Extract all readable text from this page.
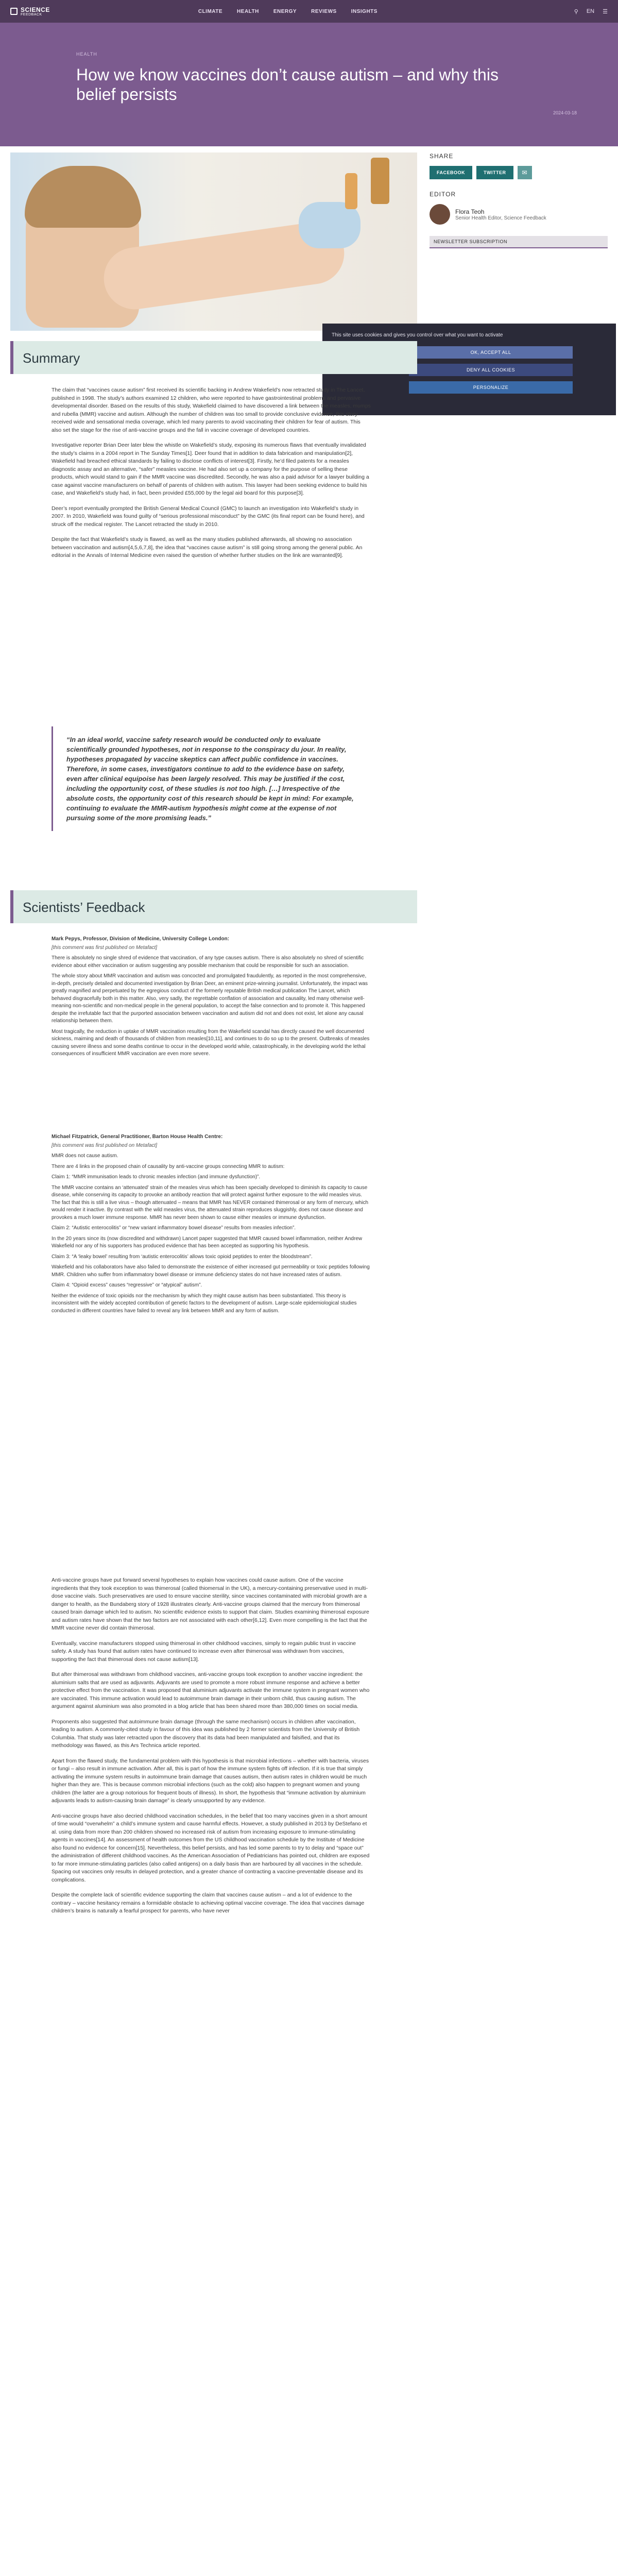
SCIENCE
FEEDBACK
CLIMATE	HEALTH	ENERGY	REVIEWS	INSIGHTS	⚲ EN ☰
HEALTH
How we know vaccines don’t cause autism – and why this belief persists
2024-03-18
SHARE
FACEBOOK	TWITTER	✉
EDITOR
Flora Teoh
Senior Health Editor, Science Feedback
NEWSLETTER SUBSCRIPTION

This site uses cookies and gives you control over what you want to activate

OK, ACCEPT ALL
DENY ALL COOKIES
PERSONALIZE
Summary

The claim that “vaccines cause autism” first received its scientific backing in Andrew Wakefield’s now retracted study in The Lancet, published in 1998. The study’s authors examined 12 children, who were reported to have gastrointestinal problems and pervasive developmental disorder. Based on the results of this study, Wakefield claimed to have discovered a link between the measles, mumps and rubella (MMR) vaccine and autism. Although the number of children was too small to provide conclusive evidence, this story received wide and sensational media coverage, which led many parents to avoid vaccinating their children for fear of autism. This also set the stage for the rise of anti-vaccine groups and the fall in vaccine coverage of developed countries.

Investigative reporter Brian Deer later blew the whistle on Wakefield’s study, exposing its numerous flaws that eventually invalidated the study’s claims in a 2004 report in The Sunday Times[1]. Deer found that in addition to data fabrication and manipulation[2], Wakefield had breached ethical standards by failing to disclose conflicts of interest[3]. Firstly, he’d filed patents for a measles diagnostic assay and an alternative, “safer” measles vaccine. He had also set up a company for the purpose of selling these products, which would stand to gain if the MMR vaccine was discredited. Secondly, he was also a paid advisor for a lawyer building a case against vaccine manufacturers on behalf of parents of children with autism. This lawyer had been seeking evidence to build his case, and Wakefield’s study had, in fact, been provided £55,000 by the legal aid board for this purpose[3].

Deer’s report eventually prompted the British General Medical Council (GMC) to launch an investigation into Wakefield’s study in 2007. In 2010, Wakefield was found guilty of “serious professional misconduct” by the GMC (its final report can be found here), and struck off the medical register. The Lancet retracted the study in 2010.

Despite the fact that Wakefield’s study is flawed, as well as the many studies published afterwards, all showing no association between vaccination and autism[4,5,6,7,8], the idea that “vaccines cause autism” is still going strong among the general public. An editorial in the Annals of Internal Medicine even raised the question of whether further studies on the link are warranted[9].

“In an ideal world, vaccine safety research would be conducted only to evaluate scientifically grounded hypotheses, not in response to the conspiracy du jour. In reality, hypotheses propagated by vaccine skeptics can affect public confidence in vaccines. Therefore, in some cases, investigators continue to add to the evidence base on safety, even after clinical equipoise has been largely resolved. This may be justified if the cost, including the opportunity cost, of these studies is not too high. […] Irrespective of the absolute costs, the opportunity cost of this research should be kept in mind: For example, continuing to evaluate the MMR-autism hypothesis might come at the expense of not pursuing some of the more promising leads.”
Scientists’ Feedback
Mark Pepys, Professor, Division of Medicine, University College London:
[this comment was first published on Metafact]

There is absolutely no single shred of evidence that vaccination, of any type causes autism. There is also absolutely no shred of scientific evidence about either vaccination or autism suggesting any possible mechanism that could be responsible for such an association.

The whole story about MMR vaccination and autism was concocted and promulgated fraudulently, as reported in the most comprehensive, in-depth, precisely detailed and documented investigation by Brian Deer, an eminent prize-winning journalist. Unfortunately, the impact was greatly magnified and perpetuated by the egregious conduct of the formerly reputable British medical publication The Lancet, which behaved disgracefully both in this matter. Also, very sadly, the regrettable conflation of association and causality, led many otherwise well-meaning non-scientific and non-medical people in the general population, to accept the false connection and to promote it. This happened despite the irrefutable fact that the purported association between vaccination and autism did not and does not exist, let alone any causal relationship between them.

Most tragically, the reduction in uptake of MMR vaccination resulting from the Wakefield scandal has directly caused the well documented sickness, maiming and death of thousands of children from measles[10,11], and continues to do so up to the present. Outbreaks of measles causing severe illness and some deaths continue to occur in the developed world while, catastrophically, in the developing world the lethal consequences of insufficient MMR vaccination are even more severe.

Michael Fitzpatrick, General Practitioner, Barton House Health Centre:
[this comment was first published on Metafact]

MMR does not cause autism.

There are 4 links in the proposed chain of causality by anti-vaccine groups connecting MMR to autism:

Claim 1: “MMR immunisation leads to chronic measles infection (and immune dysfunction)”.

The MMR vaccine contains an ‘attenuated’ strain of the measles virus which has been specially developed to diminish its capacity to cause disease, while conserving its capacity to provoke an antibody reaction that will protect against further exposure to the wild measles virus. The fact that this is still a live virus – though attenuated – means that MMR has NEVER contained thimerosal or any form of mercury, which would render it inactive. By contrast with the wild measles virus, the attenuated strain reproduces sluggishly, does not cause disease and provokes a much lower immune response. MMR has never been shown to cause either measles or immune dysfunction.

Claim 2: “Autistic enterocolitis” or “new variant inflammatory bowel disease” results from measles infection”.

In the 20 years since its (now discredited and withdrawn) Lancet paper suggested that MMR caused bowel inflammation, neither Andrew Wakefield nor any of his supporters has produced evidence that has been accepted as supporting his hypothesis.

Claim 3: “A ‘leaky bowel’ resulting from ‘autistic enterocolitis’ allows toxic opioid peptides to enter the bloodstream”.

Wakefield and his collaborators have also failed to demonstrate the existence of either increased gut permeability or toxic peptides following MMR. Children who suffer from inflammatory bowel disease or immune deficiency states do not have increased rates of autism.

Claim 4: “Opioid excess” causes “regressive” or “atypical” autism”.

Neither the evidence of toxic opioids nor the mechanism by which they might cause autism has been substantiated. This theory is inconsistent with the widely accepted contribution of genetic factors to the development of autism. Large-scale epidemiological studies conducted in different countries have failed to reveal any link between MMR and any form of autism.

Anti-vaccine groups have put forward several hypotheses to explain how vaccines could cause autism. One of the vaccine ingredients that they took exception to was thimerosal (called thiomersal in the UK), a mercury-containing preservative used in multi-dose vaccine vials. Such preservatives are used to ensure vaccine sterility, since vaccines contaminated with microbial growth are a danger to health, as the Bundaberg story of 1928 illustrates clearly. Anti-vaccine groups claimed that the mercury from thimerosal caused brain damage which led to autism. No scientific evidence exists to support that claim. Studies examining thimerosal exposure and autism rates have shown that the two factors are not associated with each other[6,12]. Even more compelling is the fact that the MMR vaccine never did contain thimerosal.

Eventually, vaccine manufacturers stopped using thimerosal in other childhood vaccines, simply to regain public trust in vaccine safety. A study has found that autism rates have continued to increase even after thimerosal was withdrawn from vaccines, supporting the fact that thimerosal does not cause autism[13].

But after thimerosal was withdrawn from childhood vaccines, anti-vaccine groups took exception to another vaccine ingredient: the aluminium salts that are used as adjuvants. Adjuvants are used to promote a more robust immune response and achieve a better protective effect from the vaccination. It was proposed that aluminium adjuvants activate the immune system in pregnant women who are vaccinated. This immune activation would lead to autoimmune brain damage in their unborn child, thus causing autism. The argument against aluminium was also promoted in a blog article that has been shared more than 380,000 times on social media.

Proponents also suggested that autoimmune brain damage (through the same mechanism) occurs in children after vaccination, leading to autism. A commonly-cited study in favour of this idea was published by 2 former scientists from the University of British Columbia. That study was later retracted upon the discovery that its data had been manipulated and falsified, and that its methodology was flawed, as this Ars Technica article reported.

Apart from the flawed study, the fundamental problem with this hypothesis is that microbial infections – whether with bacteria, viruses or fungi – also result in immune activation. After all, this is part of how the immune system fights off infection. If it is true that simply activating the immune system results in autoimmune brain damage that causes autism, then autism rates in children would be much higher than they are. This is because common microbial infections (such as the cold) also happen to pregnant women and young children (the latter are a group notorious for frequent bouts of illness). In short, the hypothesis that “immune activation by aluminium adjuvants leads to autism-causing brain damage” is clearly unsupported by any evidence.

Anti-vaccine groups have also decried childhood vaccination schedules, in the belief that too many vaccines given in a short amount of time would “overwhelm” a child’s immune system and cause harmful effects. However, a study published in 2013 by DeStefano et al. using data from more than 200 children showed no increased risk of autism from increasing exposure to immune-stimulating agents in vaccines[14]. An assessment of health outcomes from the US childhood vaccination schedule by the Institute of Medicine also found no evidence for concern[15]. Nevertheless, this belief persists, and has led some parents to try to delay and “space out” the administration of different childhood vaccines. As the American Association of Pediatricians has pointed out, children are exposed to far more immune-stimulating particles (also called antigens) on a daily basis than are harboured by all vaccines in the schedule. Spacing out vaccines only results in delayed protection, and a greater chance of contracting a vaccine-preventable disease and its complications.

Despite the complete lack of scientific evidence supporting the claim that vaccines cause autism – and a lot of evidence to the contrary – vaccine hesitancy remains a formidable obstacle to achieving optimal vaccine coverage. The idea that vaccines damage children’s brains is naturally a fearful prospect for parents, who have never
